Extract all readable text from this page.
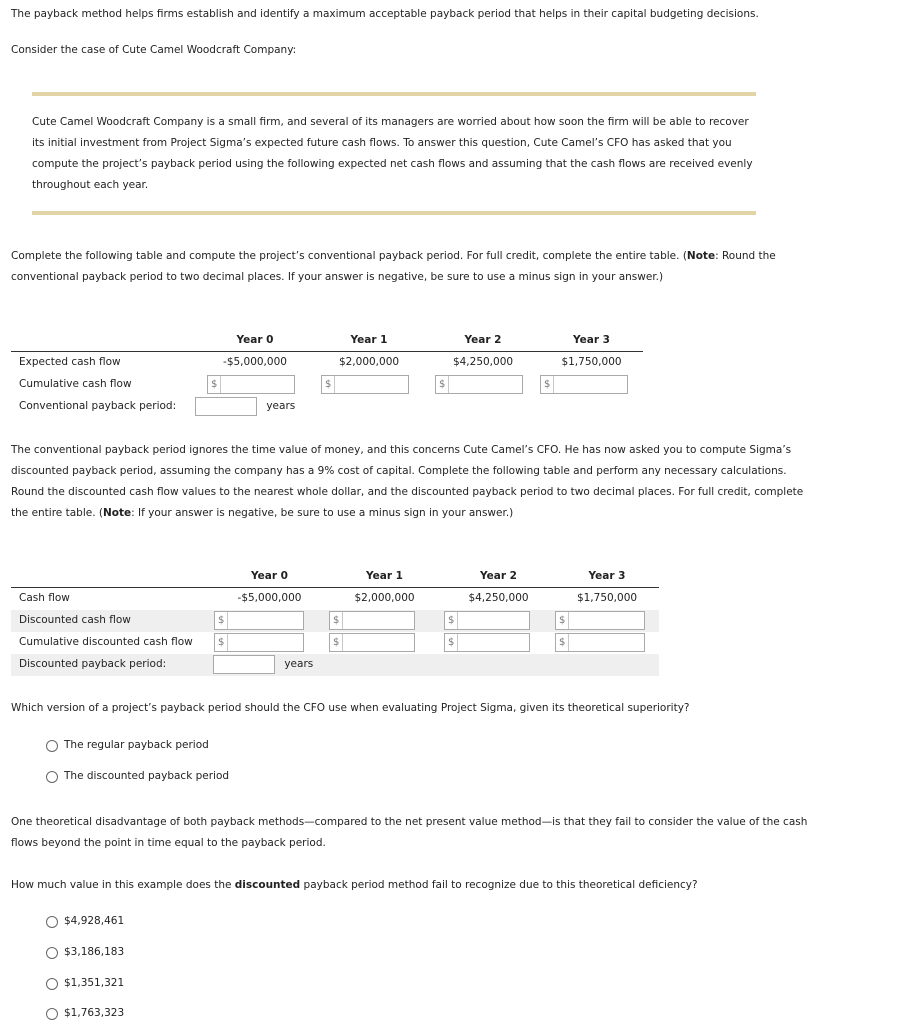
The payback method helps firms establish and identify a maximum acceptable payback period that helps in their capital budgeting decisions.

Consider the case of Cute Camel Woodcraft Company:

Cute Camel Woodcraft Company is a small firm, and several of its managers are worried about how soon the firm will be able to recover its initial investment from Project Sigma’s expected future cash flows. To answer this question, Cute Camel’s CFO has asked that you compute the project’s payback period using the following expected net cash flows and assuming that the cash flows are received evenly throughout each year.

Complete the following table and compute the project’s conventional payback period. For full credit, complete the entire table. (Note: Round the conventional payback period to two decimal places. If your answer is negative, be sure to use a minus sign in your answer.)

	Year 0	Year 1	Year 2	Year 3
Expected cash flow	-$5,000,000	$2,000,000	$4,250,000	$1,750,000
Cumulative cash flow	$	$	$	$

Conventional payback period:	years			

The conventional payback period ignores the time value of money, and this concerns Cute Camel’s CFO. He has now asked you to compute Sigma’s discounted payback period, assuming the company has a 9% cost of capital. Complete the following table and perform any necessary calculations. Round the discounted cash flow values to the nearest whole dollar, and the discounted payback period to two decimal places. For full credit, complete the entire table. (Note: If your answer is negative, be sure to use a minus sign in your answer.)

	Year 0	Year 1	Year 2	Year 3
Cash flow	-$5,000,000	$2,000,000	$4,250,000	$1,750,000
Discounted cash flow	$	$	$	$

Cumulative discounted cash flow	$	$	$	$

Discounted payback period:	years			

Which version of a project’s payback period should the CFO use when evaluating Project Sigma, given its theoretical superiority?

The regular payback period
The discounted payback period

One theoretical disadvantage of both payback methods—compared to the net present value method—is that they fail to consider the value of the cash flows beyond the point in time equal to the payback period.

How much value in this example does the discounted payback period method fail to recognize due to this theoretical deficiency?

$4,928,461
$3,186,183
$1,351,321
$1,763,323
